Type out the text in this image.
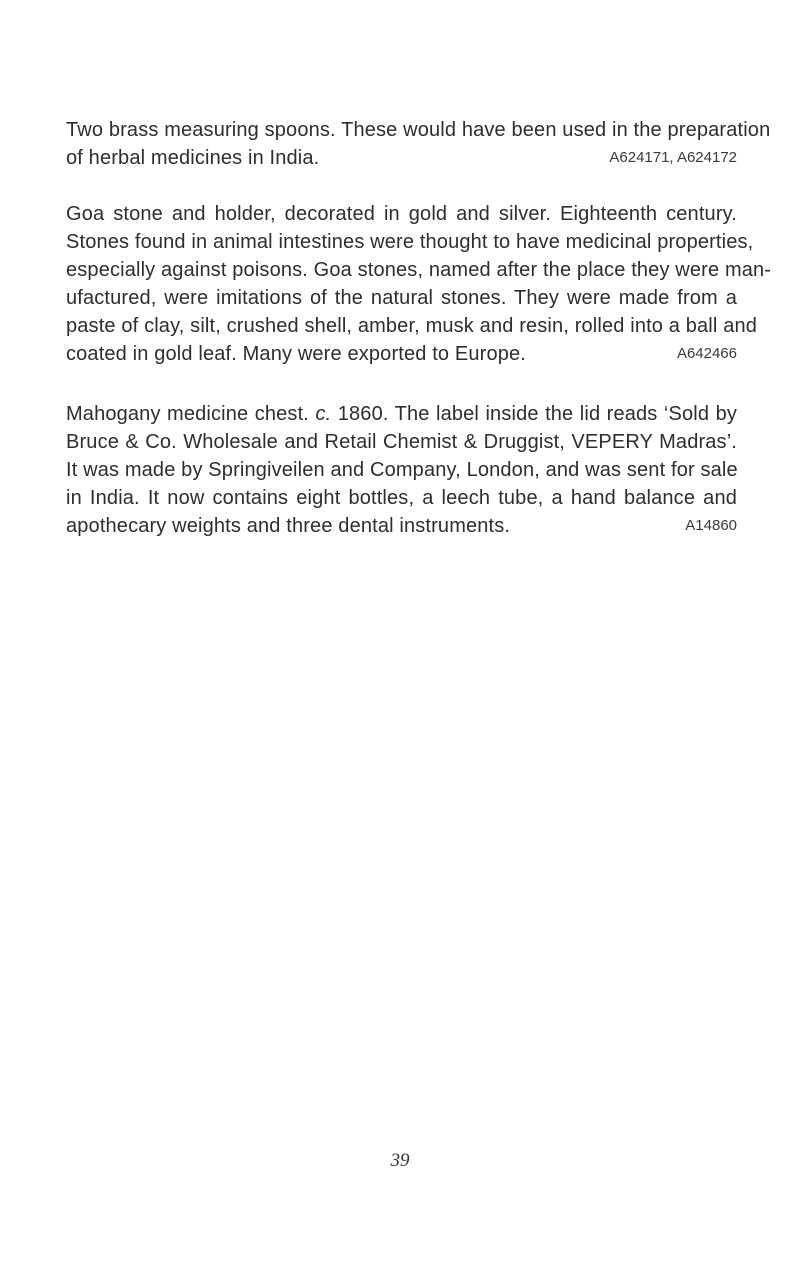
Two brass measuring spoons. These would have been used in the preparation
of herbal medicines in India.	A624171, A624172
Goa stone and holder, decorated in gold and silver. Eighteenth century.
Stones found in animal intestines were thought to have medicinal properties,
especially against poisons. Goa stones, named after the place they were man-
ufactured, were imitations of the natural stones. They were made from a
paste of clay, silt, crushed shell, amber, musk and resin, rolled into a ball and
coated in gold leaf. Many were exported to Europe.	A642466
Mahogany medicine chest. c. 1860. The label inside the lid reads ‘Sold by
Bruce & Co. Wholesale and Retail Chemist & Druggist, VEPERY Madras’.
It was made by Springiveilen and Company, London, and was sent for sale
in India. It now contains eight bottles, a leech tube, a hand balance and
apothecary weights and three dental instruments.	A14860
39
